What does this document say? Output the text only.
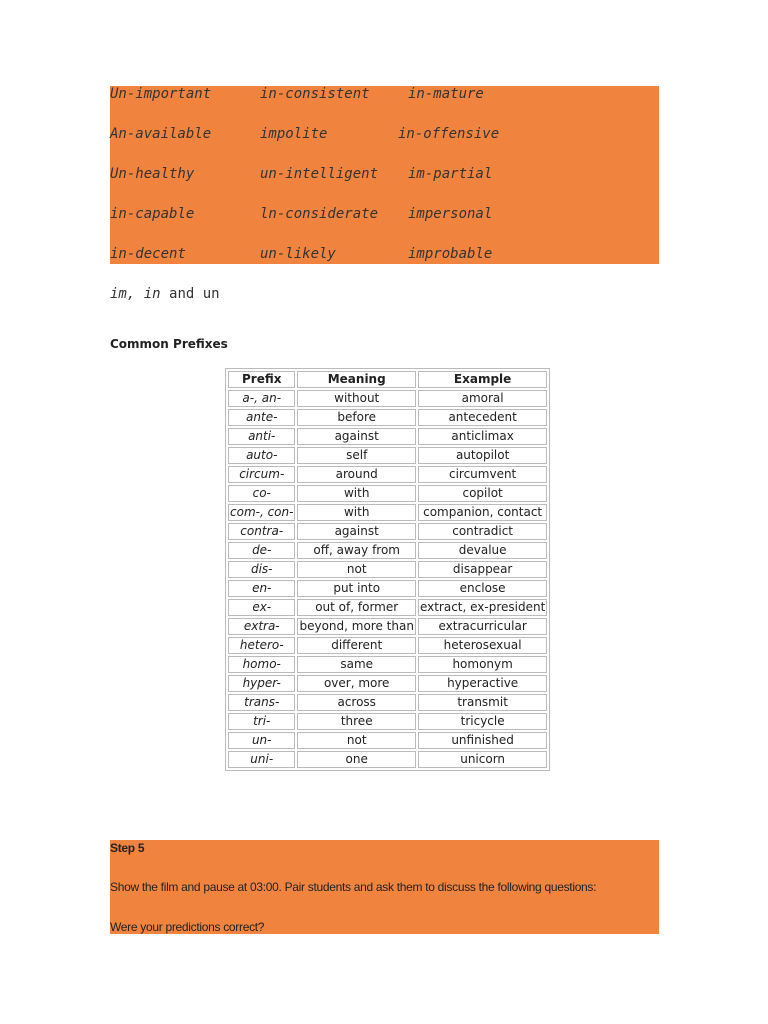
Un-important	in-consistent	in-mature
An-available	impolite	in-offensive
Un-healthy	un-intelligent im-partial
in-capable	ln-considerate impersonal
in-decent	un-likely	improbable
im, in and un
Common Prefixes
Prefix	Meaning	Example
a-, an-	without	amoral
ante-	before	antecedent
anti-	against	anticlimax
auto-	self	autopilot
circum-	around	circumvent
co-	with	copilot
com-, con-	with	companion, contact
contra-	against	contradict
de-	off, away from	devalue
dis-	not	disappear
en-	put into	enclose
ex-	out of, former	extract, ex-president
extra-	beyond, more than	extracurricular
hetero-	different	heterosexual
homo-	same	homonym
hyper-	over, more	hyperactive
trans-	across	transmit
tri-	three	tricycle
un-	not	unfinished
uni-	one	unicorn
Step 5
Show the film and pause at 03:00. Pair students and ask them to discuss the following questions:
Were your predictions correct?
